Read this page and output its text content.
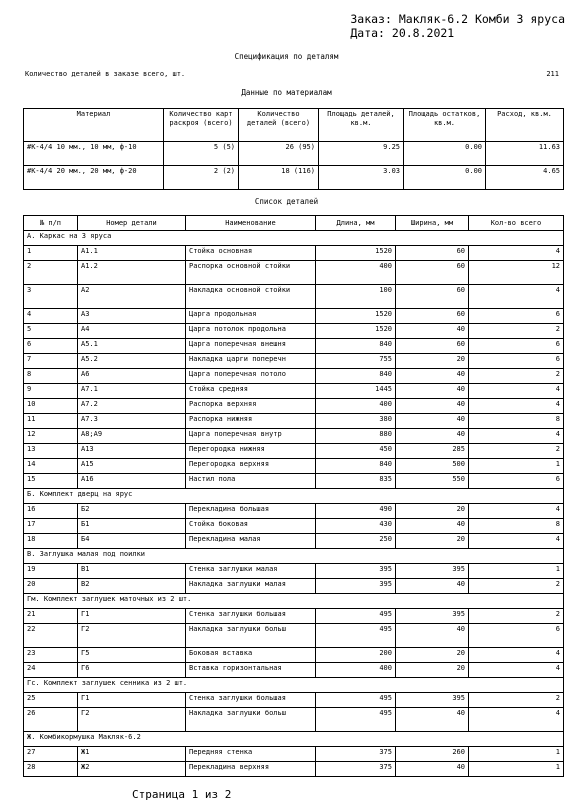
Заказ: Макляк-6.2 Комби 3 яруса
Дата: 20.8.2021
Спецификация по деталям
Количество деталей в заказе всего, шт.	211
Данные по материалам
Материал	Количество карт раскроя (всего)	Количество деталей (всего)	Площадь деталей, кв.м.	Площадь остатков, кв.м.	Расход, кв.м.
#К-4/4 10 мм., 10 мм, ф-10	5 (5)	26 (95)	9.25	0.00	11.63
#К-4/4 20 мм., 20 мм, ф-20	2 (2)	18 (116)	3.03	0.00	4.65
Список деталей
№ п/п	Номер детали	Наименование	Длина, мм	Ширина, мм	Кол-во всего
А. Каркас на 3 яруса					
1	А1.1	Стойка основная	1520	60	4
2	А1.2	Распорка основной стойки	400	60	12
3	А2	Накладка основной стойки	100	60	4
4	А3	Царга продольная	1520	60	6
5	А4	Царга потолок продольна	1520	40	2
6	А5.1	Царга поперечная внешня	840	60	6
7	А5.2	Накладка царги поперечн	755	20	6
8	А6	Царга поперечная потоло	840	40	2
9	А7.1	Стойка средняя	1445	40	4
10	А7.2	Распорка верхняя	400	40	4
11	А7.3	Распорка нижняя	380	40	8
12	А8;А9	Царга поперечная внутр	880	40	4
13	А13	Перегородка нижняя	450	285	2
14	А15	Перегородка верхняя	840	500	1
15	А16	Настил пола	835	550	6
Б. Комплект дверц на ярус					
16	Б2	Перекладина большая	490	20	4
17	Б1	Стойка боковая	430	40	8
18	Б4	Перекладина малая	250	20	4
В. Заглушка малая под поилки					
19	В1	Стенка заглушки малая	395	395	1
20	В2	Накладка заглушки малая	395	40	2
Гм. Комплект заглушек маточных из 2 шт.					
21	Г1	Стенка заглушки большая	495	395	2
22	Г2	Накладка заглушки больш	495	40	6
23	Г5	Боковая вставка	200	20	4
24	Г6	Вставка горизонтальная	400	20	4
Гс. Комплект заглушек сенника из 2 шт.					
25	Г1	Стенка заглушки большая	495	395	2
26	Г2	Накладка заглушки больш	495	40	4
Ж. Комбикормушка Макляк-6.2					
27	Ж1	Передняя стенка	375	260	1
28	Ж2	Перекладина верхняя	375	40	1
Страница 1 из 2
